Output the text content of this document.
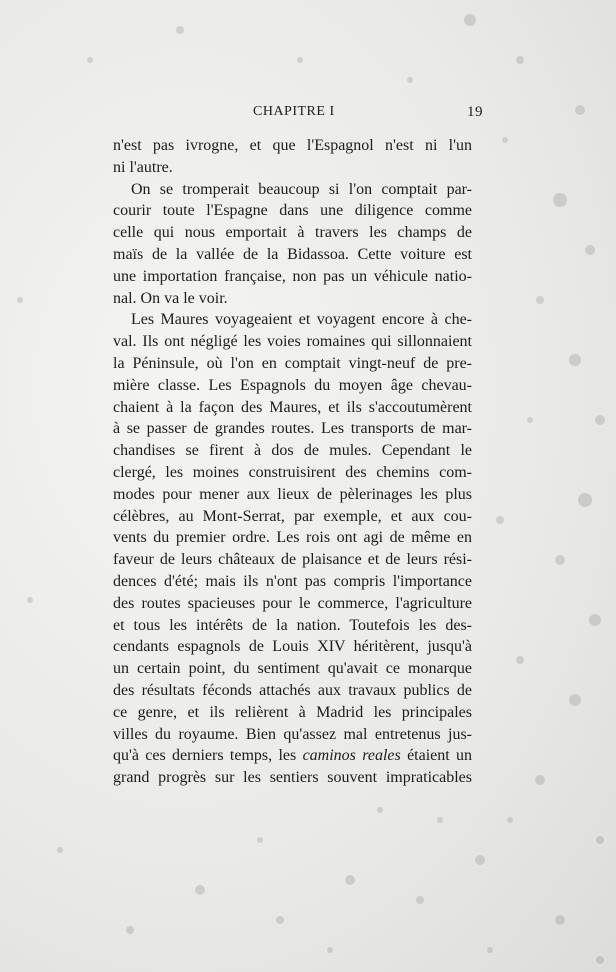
CHAPITRE I	19
n'est pas ivrogne, et que l'Espagnol n'est ni l'un
ni l'autre.
On se tromperait beaucoup si l'on comptait par-
courir toute l'Espagne dans une diligence comme
celle qui nous emportait à travers les champs de
maïs de la vallée de la Bidassoa. Cette voiture est
une importation française, non pas un véhicule natio-
nal. On va le voir.
Les Maures voyageaient et voyagent encore à che-
val. Ils ont négligé les voies romaines qui sillonnaient
la Péninsule, où l'on en comptait vingt-neuf de pre-
mière classe. Les Espagnols du moyen âge chevau-
chaient à la façon des Maures, et ils s'accoutumèrent
à se passer de grandes routes. Les transports de mar-
chandises se firent à dos de mules. Cependant le
clergé, les moines construisirent des chemins com-
modes pour mener aux lieux de pèlerinages les plus
célèbres, au Mont-Serrat, par exemple, et aux cou-
vents du premier ordre. Les rois ont agi de même en
faveur de leurs châteaux de plaisance et de leurs rési-
dences d'été; mais ils n'ont pas compris l'importance
des routes spacieuses pour le commerce, l'agriculture
et tous les intérêts de la nation. Toutefois les des-
cendants espagnols de Louis XIV héritèrent, jusqu'à
un certain point, du sentiment qu'avait ce monarque
des résultats féconds attachés aux travaux publics de
ce genre, et ils relièrent à Madrid les principales
villes du royaume. Bien qu'assez mal entretenus jus-
qu'à ces derniers temps, les caminos reales étaient un
grand progrès sur les sentiers souvent impraticables
